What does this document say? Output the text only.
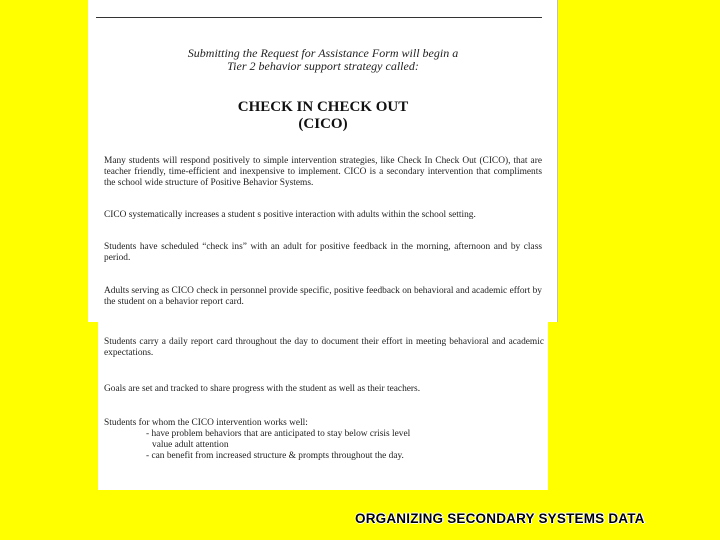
Submitting the Request for Assistance Form will begin a
Tier 2 behavior support strategy called:
CHECK IN CHECK OUT
(CICO)

Many students will respond positively to simple intervention strategies, like Check In Check Out (CICO), that are teacher friendly, time-efficient and inexpensive to implement. CICO is a secondary intervention that compliments the school wide structure of Positive Behavior Systems.

CICO systematically increases a student s positive interaction with adults within the school setting.

Students have scheduled “check ins” with an adult for positive feedback in the morning, afternoon and by class period.

Adults serving as CICO check in personnel provide specific, positive feedback on behavioral and academic effort by the student on a behavior report card.

Students carry a daily report card throughout the day to document their effort in meeting behavioral and academic expectations.

Goals are set and tracked to share progress with the student as well as their teachers.

Students for whom the CICO intervention works well:

- have problem behaviors that are anticipated to stay below crisis level
value adult attention
- can benefit from increased structure & prompts throughout the day.
ORGANIZING SECONDARY SYSTEMS DATA
